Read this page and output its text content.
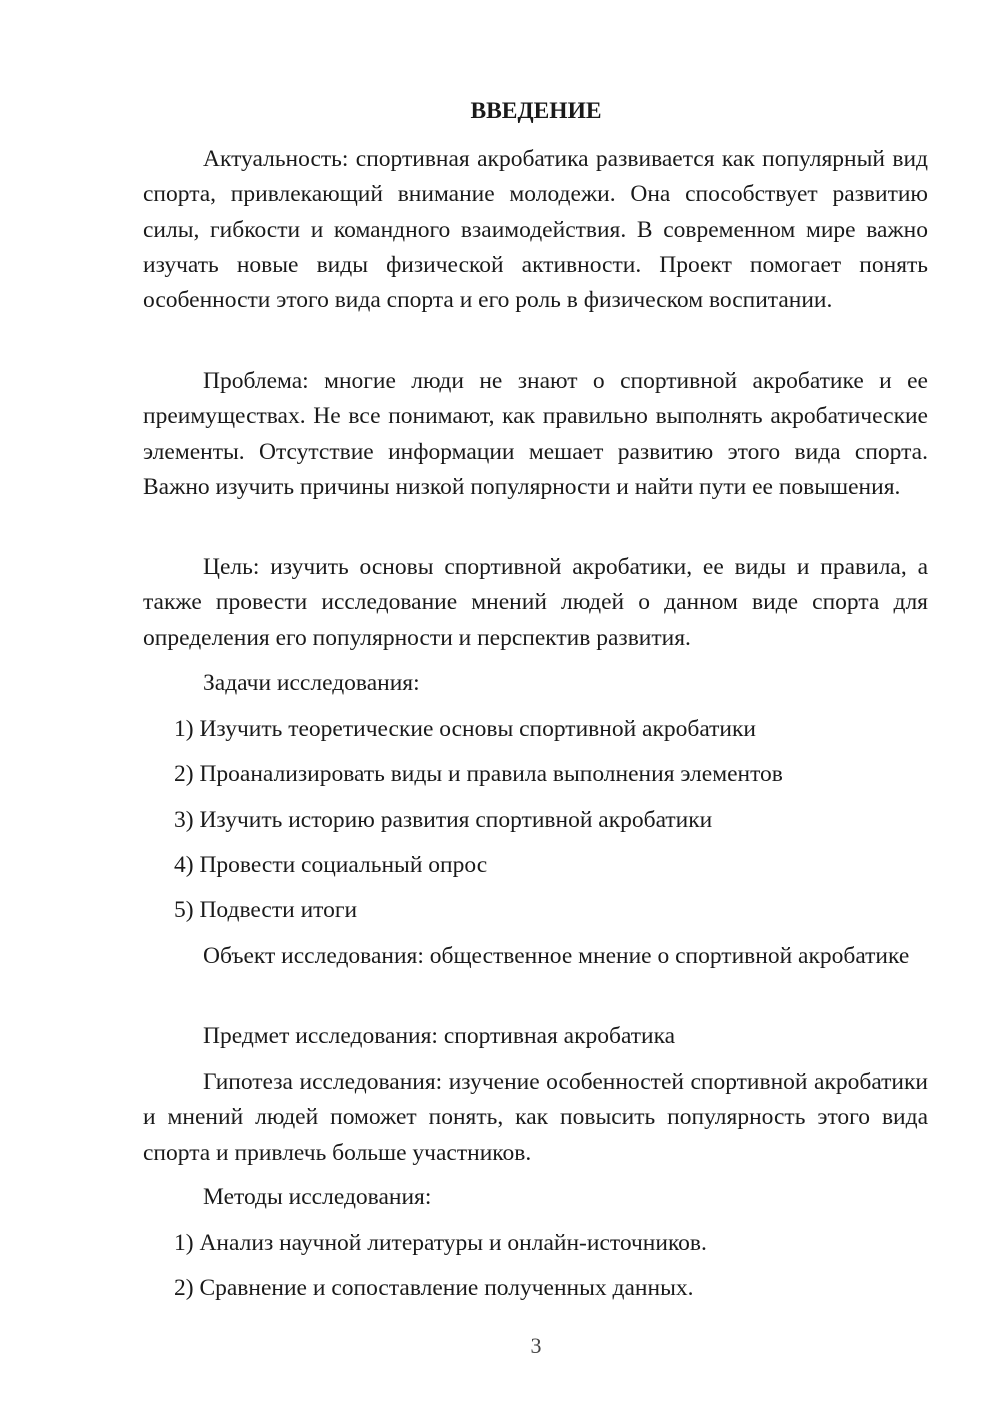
ВВЕДЕНИЕ

Актуальность: спортивная акробатика развивается как популярный вид спорта, привлекающий внимание молодежи. Она способствует развитию силы, гибкости и командного взаимодействия. В современном мире важно изучать новые виды физической активности. Проект помогает понять особенности этого вида спорта и его роль в физическом воспитании.

Проблема: многие люди не знают о спортивной акробатике и ее преимуществах. Не все понимают, как правильно выполнять акробатические элементы. Отсутствие информации мешает развитию этого вида спорта. Важно изучить причины низкой популярности и найти пути ее повышения.

Цель: изучить основы спортивной акробатики, ее виды и правила, а также провести исследование мнений людей о данном виде спорта для определения его популярности и перспектив развития.

Задачи исследования:

1) Изучить теоретические основы спортивной акробатики

2) Проанализировать виды и правила выполнения элементов

3) Изучить историю развития спортивной акробатики

4) Провести социальный опрос

5) Подвести итоги

Объект исследования: общественное мнение о спортивной акробатике

Предмет исследования: спортивная акробатика

Гипотеза исследования: изучение особенностей спортивной акробатики и мнений людей поможет понять, как повысить популярность этого вида спорта и привлечь больше участников.

Методы исследования:

1) Анализ научной литературы и онлайн-источников.

2) Сравнение и сопоставление полученных данных.

3
